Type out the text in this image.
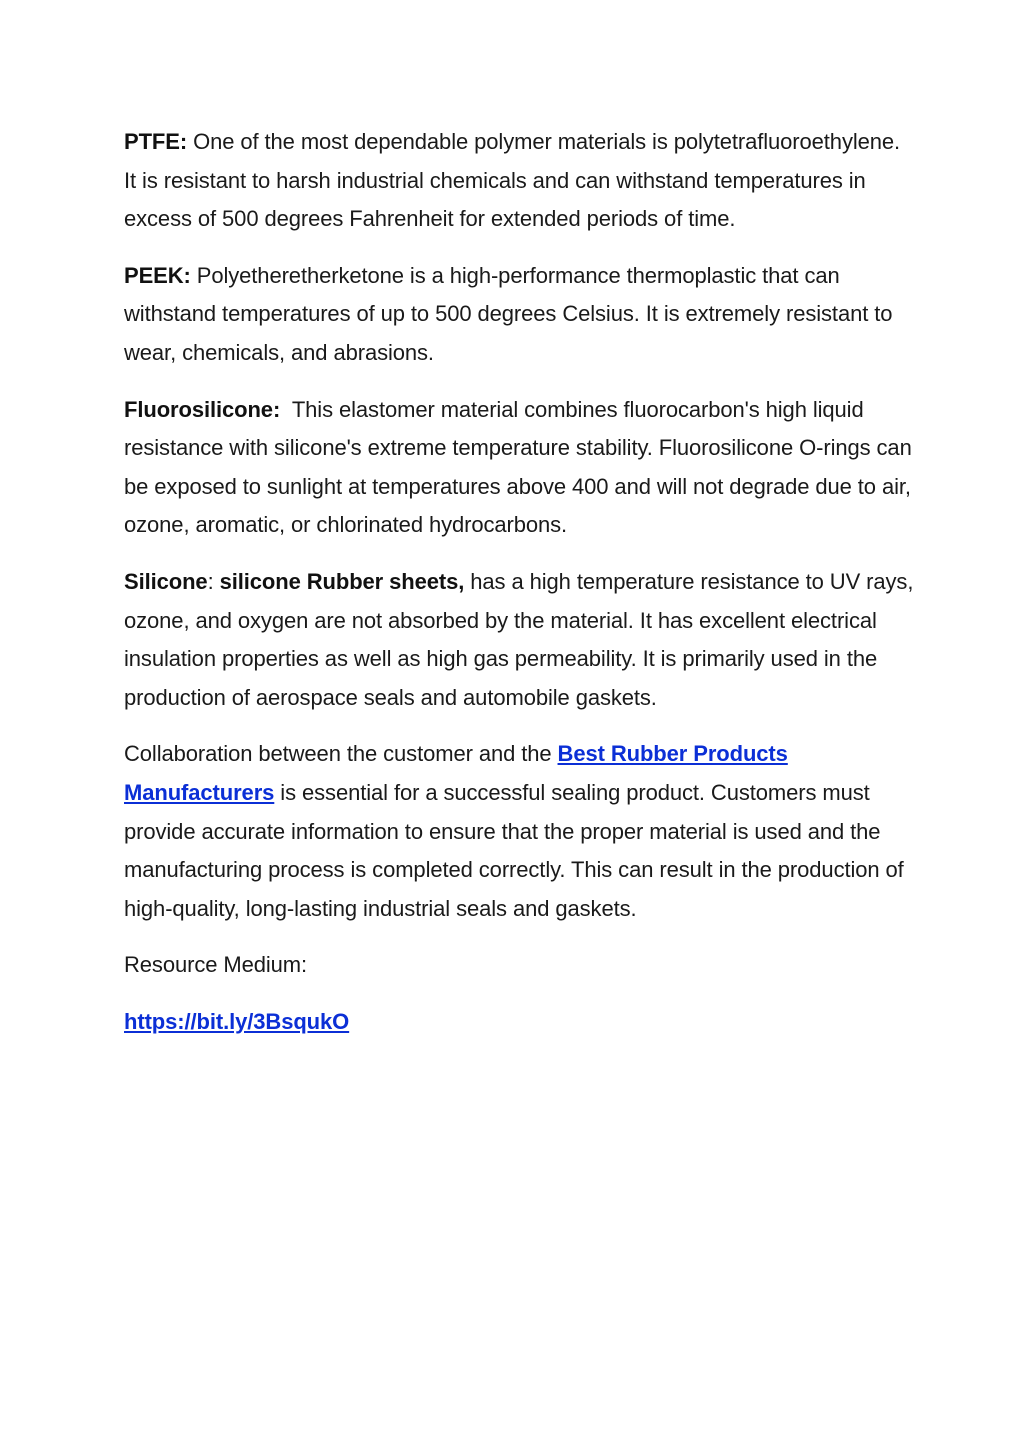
PTFE: One of the most dependable polymer materials is polytetrafluoroethylene. It is resistant to harsh industrial chemicals and can withstand temperatures in excess of 500 degrees Fahrenheit for extended periods of time.

PEEK: Polyetheretherketone is a high-performance thermoplastic that can withstand temperatures of up to 500 degrees Celsius. It is extremely resistant to wear, chemicals, and abrasions.

Fluorosilicone:  This elastomer material combines fluorocarbon's high liquid resistance with silicone's extreme temperature stability. Fluorosilicone O-rings can be exposed to sunlight at temperatures above 400 and will not degrade due to air, ozone, aromatic, or chlorinated hydrocarbons.

Silicone: silicone Rubber sheets, has a high temperature resistance to UV rays, ozone, and oxygen are not absorbed by the material. It has excellent electrical insulation properties as well as high gas permeability. It is primarily used in the production of aerospace seals and automobile gaskets.

Collaboration between the customer and the Best Rubber Products Manufacturers is essential for a successful sealing product. Customers must provide accurate information to ensure that the proper material is used and the manufacturing process is completed correctly. This can result in the production of high-quality, long-lasting industrial seals and gaskets.

Resource Medium:

https://bit.ly/3BsqukO
